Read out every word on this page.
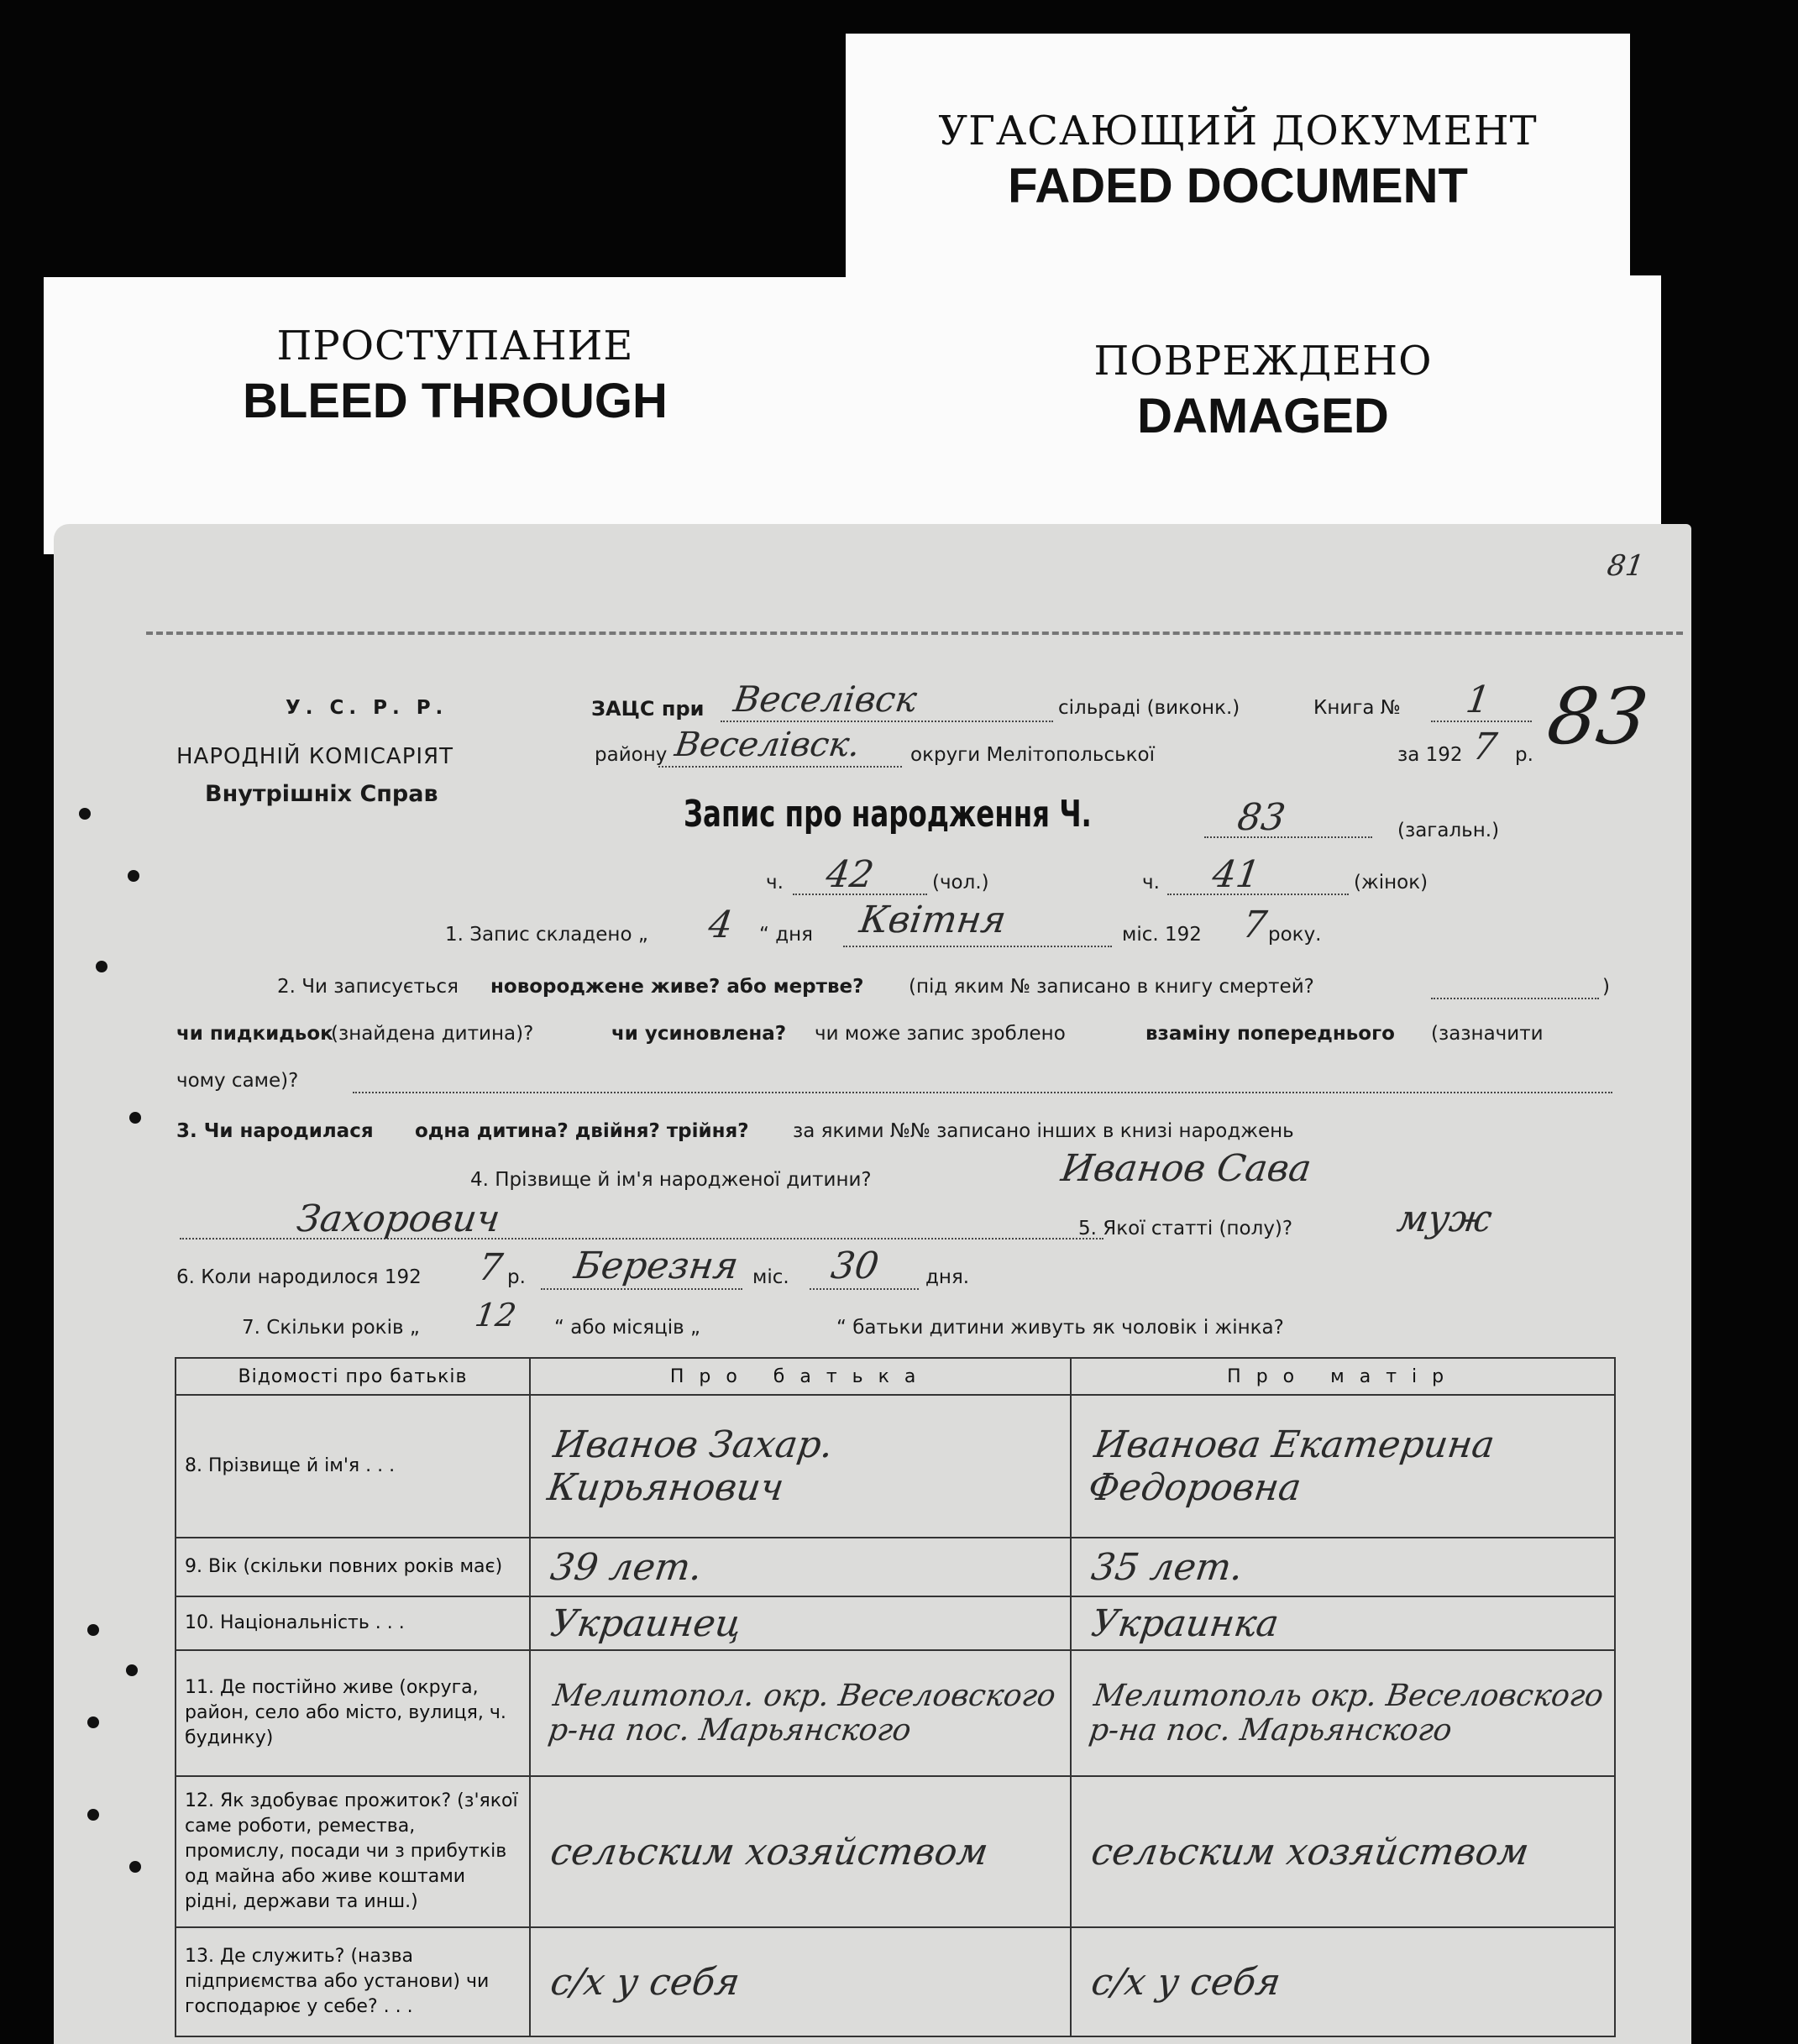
УГАСАЮЩИЙ ДОКУМЕНТ
FADED DOCUMENT
ПРОСТУПАНИЕ
BLEED THROUGH
ПОВРЕЖДЕНО
DAMAGED
81
У. С. Р. Р.
НАРОДНІЙ КОМІСАРІЯТ
Внутрішніх Справ
ЗАЦС при Веселівск	сільраді (виконк.)
району Веселівск. округи Мелітопольської
Книга № 1
за 192 7 р. 83
Запис про народження Ч.	83	(загальн.)
ч. 42	(чол.)	ч. 41	(жінок)
1. Запис складено „ 4 “ дня Квітня	міс. 192 7
року.
2. Чи записується новороджене живе? або мертве? (під яким № записано в книгу смертей?	)
чи пидкидьок
(знайдена дитина)?	чи усиновлена? чи може запис зроблено	взаміну попереднього (зазначити
чому саме)?
3. Чи народилася одна дитина? двійня? трійня? за якими №№ записано інших в книзі народжень
4. Прізвище й ім'я народженої дитини?	Иванов Сава
Захорович	5. Якої статті (полу)?	муж
6. Коли народилося 192 7 р. Березня міс. 30 дня.
7. Скільки років „ 12 “ або місяців „	“ батьки дитини живуть як чоловік і жінка?
Відомості про батьків	Про батька	Про матір
8. Прізвище й ім'я . . .	Иванов Захар. Кирьянович	Иванова Екатерина Федоровна

9. Вік (скільки повних років має)	39 лет.	35 лет.

10. Національність . . .	Украинец	Украинка

11. Де постійно живе (округа, район, село або місто, вулиця, ч. будинку)	Мелитопол. окр. Веселовского р-на пос. Марьянского	Мелитополь окр. Веселовского р-на пос. Марьянского

12. Як здобуває прожиток? (з'якої саме роботи, ремества, промислу, посади чи з прибутків од майна або живе коштами рідні, держави та инш.)	сельским хозяйством	сельским хозяйством

13. Де служить? (назва підприємства або установи) чи господарює у себе? . . .	с/х у себя	с/х у себя
